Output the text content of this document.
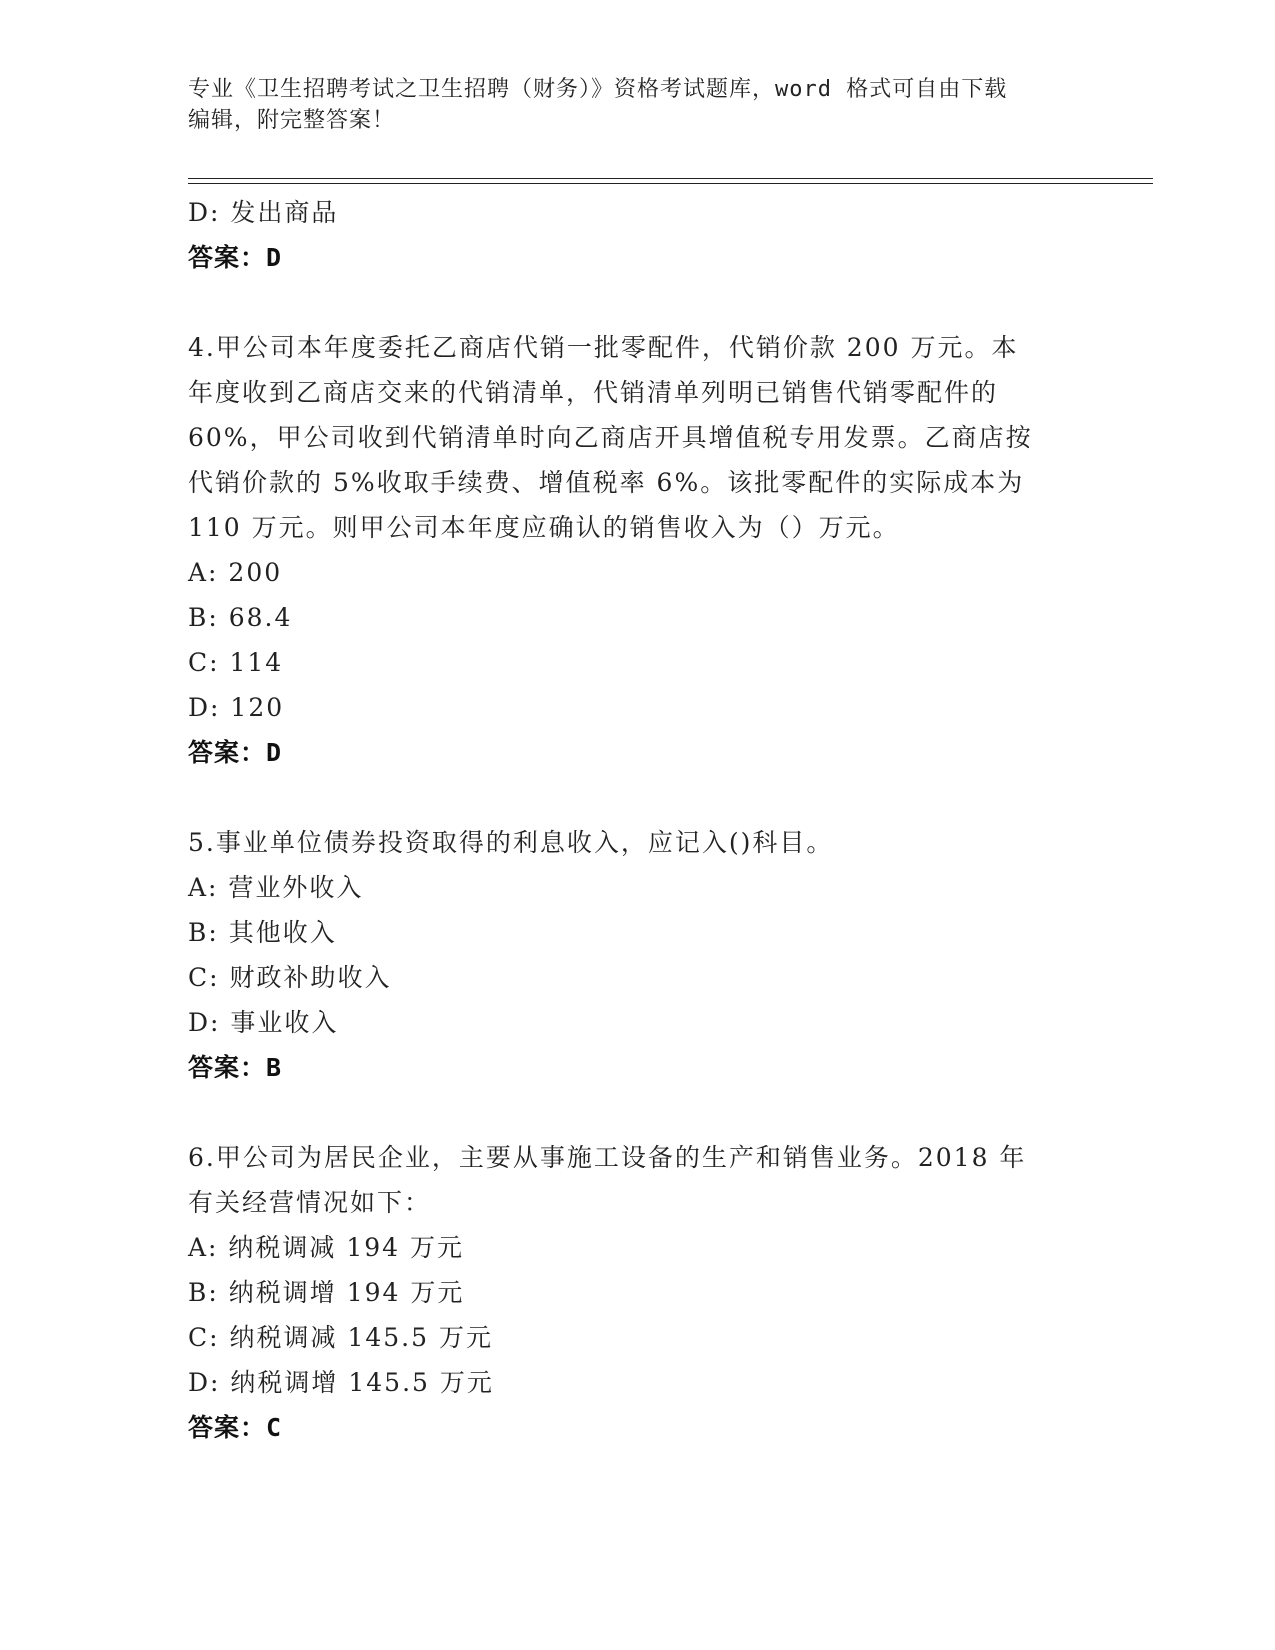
专业《卫生招聘考试之卫生招聘（财务）》资格考试题库，word 格式可自由下载
编辑，附完整答案！
D: 发出商品
答案：D
4.甲公司本年度委托乙商店代销一批零配件，代销价款 200 万元。本
年度收到乙商店交来的代销清单，代销清单列明已销售代销零配件的
60%，甲公司收到代销清单时向乙商店开具增值税专用发票。乙商店按
代销价款的 5%收取手续费、增值税率 6%。该批零配件的实际成本为
110 万元。则甲公司本年度应确认的销售收入为（）万元。
A: 200
B: 68.4
C: 114
D: 120
答案：D
5.事业单位债券投资取得的利息收入，应记入()科目。
A: 营业外收入
B: 其他收入
C: 财政补助收入
D: 事业收入
答案：B
6.甲公司为居民企业，主要从事施工设备的生产和销售业务。2018 年
有关经营情况如下：
A: 纳税调减 194 万元
B: 纳税调增 194 万元
C: 纳税调减 145.5 万元
D: 纳税调增 145.5 万元
答案：C
